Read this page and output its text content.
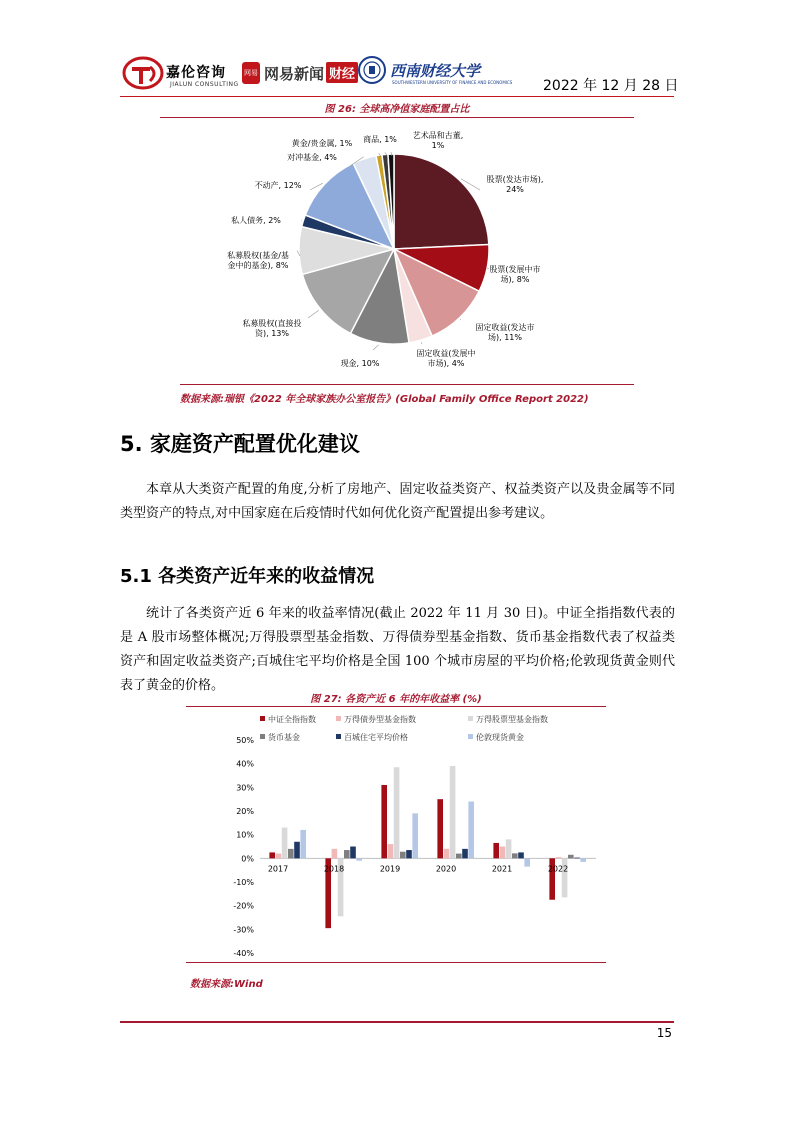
嘉伦咨询
JIALUN CONSULTING
网易 网易新闻 财经 西南财经大学
SOUTHWESTERN UNIVERSITY OF FINANCE AND ECONOMICS 2022 年 12 月 28 日
图 26: 全球高净值家庭配置占比
股票(发达市场), 24%
股票(发展中市场), 8%
固定收益(发达市场), 11%
固定收益(发展中市场), 4%
现金, 10%
私募股权(直接投资), 13%
私募股权(基金/基金中的基金), 8%
私人债务, 2%
不动产, 12%
对冲基金, 4%
黄金/贵金属, 1% 商品, 1% 艺术品和古董, 1%
数据来源:瑞银《2022 年全球家族办公室报告》(Global Family Office Report 2022)
5. 家庭资产配置优化建议
本章从大类资产配置的角度,分析了房地产、固定收益类资产、权益类资产以及贵金属等不同类型资产的特点,对中国家庭在后疫情时代如何优化资产配置提出参考建议。
5.1 各类资产近年来的收益情况
统计了各类资产近 6 年来的收益率情况(截止 2022 年 11 月 30 日)。中证全指指数代表的是 A 股市场整体概况;万得股票型基金指数、万得债券型基金指数、货币基金指数代表了权益类资产和固定收益类资产;百城住宅平均价格是全国 100 个城市房屋的平均价格;伦敦现货黄金则代表了黄金的价格。
图 27: 各资产近 6 年的年收益率 (%)
中证全指指数	万得债券型基金指数	万得股票型基金指数
货币基金	百城住宅平均价格	伦敦现货黄金
50%
40%
30%
20%
10%
0%
-10%
-20%
-30%
-40%
2017	2018	2019	2020	2021	2022
数据来源:Wind
15
